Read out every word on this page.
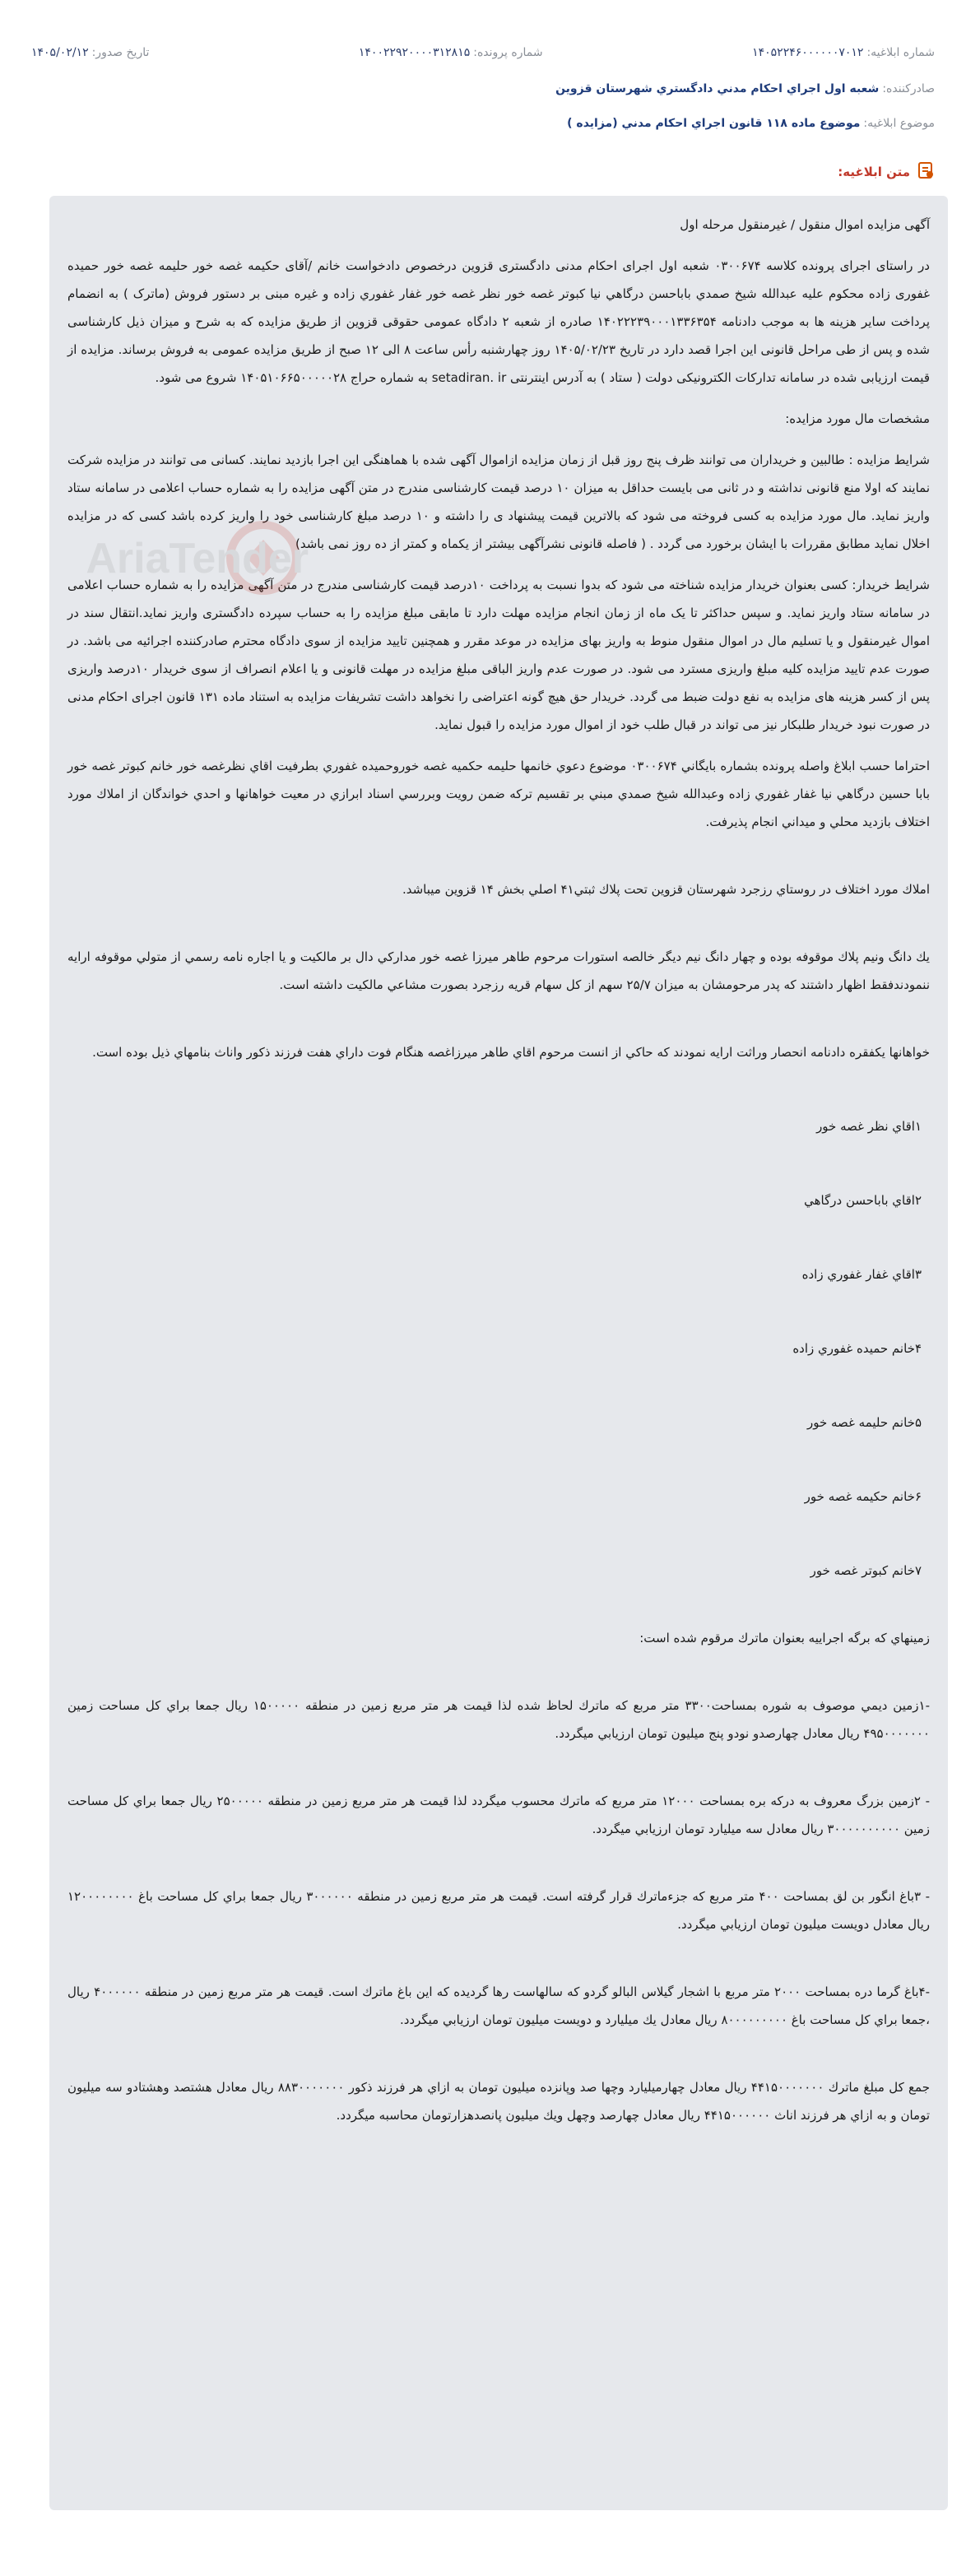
شماره ابلاغیه:
۱۴۰۵۲۲۴۶۰۰۰۰۰۰۷۰۱۲
شماره پرونده:
۱۴۰۰۲۲۹۲۰۰۰۰۳۱۲۸۱۵
تاریخ صدور:
۱۴۰۵/۰۲/۱۲
صادرکننده:
شعبه اول اجراي احكام مدني دادگستري شهرستان قزوين
موضوع ابلاغیه:
موضوع ماده ۱۱۸ قانون اجراي احكام مدني (مزايده )
متن ابلاغیه:
AriaTender

آگهی مزایده اموال منقول / غیرمنقول مرحله اول

در راستای اجرای پرونده کلاسه ۰۳۰۰۶۷۴ شعبه اول اجرای احکام مدنی دادگستری قزوین درخصوص دادخواست خانم /آقای حکیمه غصه خور حلیمه غصه خور حمیده غفوری زاده محکوم علیه عبدالله شیخ صمدي باباحسن درگاهي نیا کبوتر غصه خور نظر غصه خور غفار غفوري زاده و غيره مبنی بر دستور فروش (ماترک ) به انضمام پرداخت سایر هزینه ها به موجب دادنامه ۱۴۰۲۲۲۳۹۰۰۰۱۳۳۶۳۵۴ صادره از شعبه ۲ دادگاه عمومی حقوقی قزوین از طریق مزایده که به شرح و میزان ذیل کارشناسی شده و پس از طی مراحل قانونی این اجرا قصد دارد در تاریخ ۱۴۰۵/۰۲/۲۳ روز چهارشنبه رأس ساعت ۸ الی ۱۲ صبح از طریق مزایده عمومی به فروش برساند. مزایده از قیمت ارزیابی شده در سامانه تدارکات الکترونیکی دولت ( ستاد ) به آدرس اینترنتی setadiran. ir به شماره حراج ۱۴۰۵۱۰۶۶۵۰۰۰۰۰۲۸ شروع می شود.

مشخصات مال مورد مزایده:

شرایط مزایده : طالبین و خریداران می توانند ظرف پنج روز قبل از زمان مزایده ازاموال آگهی شده با هماهنگی این اجرا بازدید نمایند. کسانی می توانند در مزایده شرکت نمایند که اولا منع قانونی نداشته و در ثانی می بایست حداقل به میزان ۱۰ درصد قیمت کارشناسی مندرج در متن آگهی مزایده را به شماره حساب اعلامی در سامانه ستاد واریز نماید. مال مورد مزایده به کسی فروخته می شود که بالاترین قیمت پیشنهاد ی را داشته و ۱۰ درصد مبلغ کارشناسی خود را واریز کرده باشد کسی که در مزایده اخلال نماید مطابق مقررات با ایشان برخورد می گردد . ( فاصله قانونی نشرآگهی بیشتر از یکماه و کمتر از ده روز نمی باشد)

شرایط خریدار: کسی بعنوان خریدار مزایده شناخته می شود که بدوا نسبت به پرداخت ۱۰درصد قیمت کارشناسی مندرج در متن آگهی مزایده را به شماره حساب اعلامی در سامانه ستاد واریز نماید. و سپس حداکثر تا یک ماه از زمان انجام مزایده مهلت دارد تا مابقی مبلغ مزایده را به حساب سپرده دادگستری واریز نماید.انتقال سند در اموال غیرمنقول و یا تسلیم مال در اموال منقول منوط به واریز بهای مزایده در موعد مقرر و همچنین تایید مزایده از سوی دادگاه محترم صادرکننده اجرائیه می باشد. در صورت عدم تایید مزایده کلیه مبلغ واریزی مسترد می شود. در صورت عدم واریز الباقی مبلغ مزایده در مهلت قانونی و یا اعلام انصراف از سوی خریدار ۱۰درصد واریزی پس از کسر هزینه های مزایده به نفع دولت ضبط می گردد. خریدار حق هیچ گونه اعتراضی را نخواهد داشت تشریفات مزایده به استناد ماده ۱۳۱ قانون اجرای احکام مدنی در صورت نبود خریدار طلبکار نیز می تواند در قبال طلب خود از اموال مورد مزایده را قبول نماید.

احتراما حسب ابلاغ واصله پرونده بشماره بايگاني ۰۳۰۰۶۷۴ موضوع دعوي خانمها حليمه حكميه غصه خوروحميده غفوري بطرفيت اقاي نظرغصه خور خانم كبوتر غصه خور بابا حسين درگاهي نيا غفار غفوري زاده وعبدالله شيخ صمدي مبني بر تقسيم تركه ضمن رويت وبررسي اسناد ابرازي در معيت خواهانها و احدي خواندگان از املاك مورد اختلاف بازديد محلي و ميداني انجام پذيرفت.

املاك مورد اختلاف در روستاي رزجرد شهرستان قزوين تحت پلاك ثبتي۴۱ اصلي بخش ۱۴ قزوين ميباشد.

يك دانگ ونيم پلاك موقوفه بوده و چهار دانگ نيم ديگر خالصه استورات مرحوم طاهر ميرزا غصه خور مداركي دال بر مالكيت و يا اجاره نامه رسمي از متولي موقوفه ارايه ننمودندفقط اظهار داشتند كه پدر مرحومشان به ميزان ۲۵/۷ سهم از كل سهام قريه رزجرد بصورت مشاعي مالكيت داشته است.

خواهانها يكفقره دادنامه انحصار وراثت ارايه نمودند كه حاكي از انست مرحوم اقاي طاهر ميرزاغصه هنگام فوت داراي هفت فرزند ذكور واناث بنامهاي ذيل بوده است.

۱اقاي نظر غصه خور

۲اقاي باباحسن درگاهي

۳اقاي غفار غفوري زاده

۴خانم حميده غفوري زاده

۵خانم حليمه غصه خور

۶خانم حكيمه غصه خور

۷خانم كبوتر غصه خور

زمينهاي كه برگه اجراييه بعنوان ماترك مرقوم شده است:

-۱زمين ديمي موصوف به شوره بمساحت۳۳۰۰ متر مربع كه ماترك لحاظ شده لذا قيمت هر متر مربع زمين در منطقه ۱۵۰۰۰۰۰ ريال جمعا براي كل مساحت زمين ۴۹۵۰۰۰۰۰۰۰ ريال معادل چهارصدو نودو پنج ميليون تومان ارزيابي ميگردد.

- ۲زمين بزرگ معروف به دركه بره بمساحت ۱۲۰۰۰ متر مربع كه ماترك محسوب ميگردد لذا قيمت هر متر مربع زمين در منطقه ۲۵۰۰۰۰۰ ريال جمعا براي كل مساحت زمين ۳۰۰۰۰۰۰۰۰۰۰ ريال معادل سه ميليارد تومان ارزيابي ميگردد.

- ۳باغ انگور بن لق بمساحت ۴۰۰ متر مربع كه جزءماترك قرار گرفته است. قيمت هر متر مربع زمين در منطقه ۳۰۰۰۰۰۰ ريال جمعا براي كل مساحت باغ ۱۲۰۰۰۰۰۰۰۰ ريال معادل دويست ميليون تومان ارزيابي ميگردد.

-۴باغ گرما دره بمساحت ۲۰۰۰ متر مربع با اشجار گيلاس البالو گردو كه سالهاست رها گرديده كه اين باغ ماترك است. قيمت هر متر مربع زمين در منطقه ۴۰۰۰۰۰۰ ريال ،جمعا براي كل مساحت باغ ۸۰۰۰۰۰۰۰۰۰ ريال معادل يك ميليارد و دويست ميليون تومان ارزيابي ميگردد.

جمع كل مبلغ ماترك ۴۴۱۵۰۰۰۰۰۰۰ ريال معادل چهارميليارد وچها صد وپانزده ميليون تومان به ازاي هر فرزند ذكور ۸۸۳۰۰۰۰۰۰۰ ريال معادل هشتصد وهشتادو سه ميليون تومان و به ازاي هر فرزند اناث ۴۴۱۵۰۰۰۰۰۰ ريال معادل چهارصد وچهل ويك ميليون پانصدهزارتومان محاسبه ميگردد.
